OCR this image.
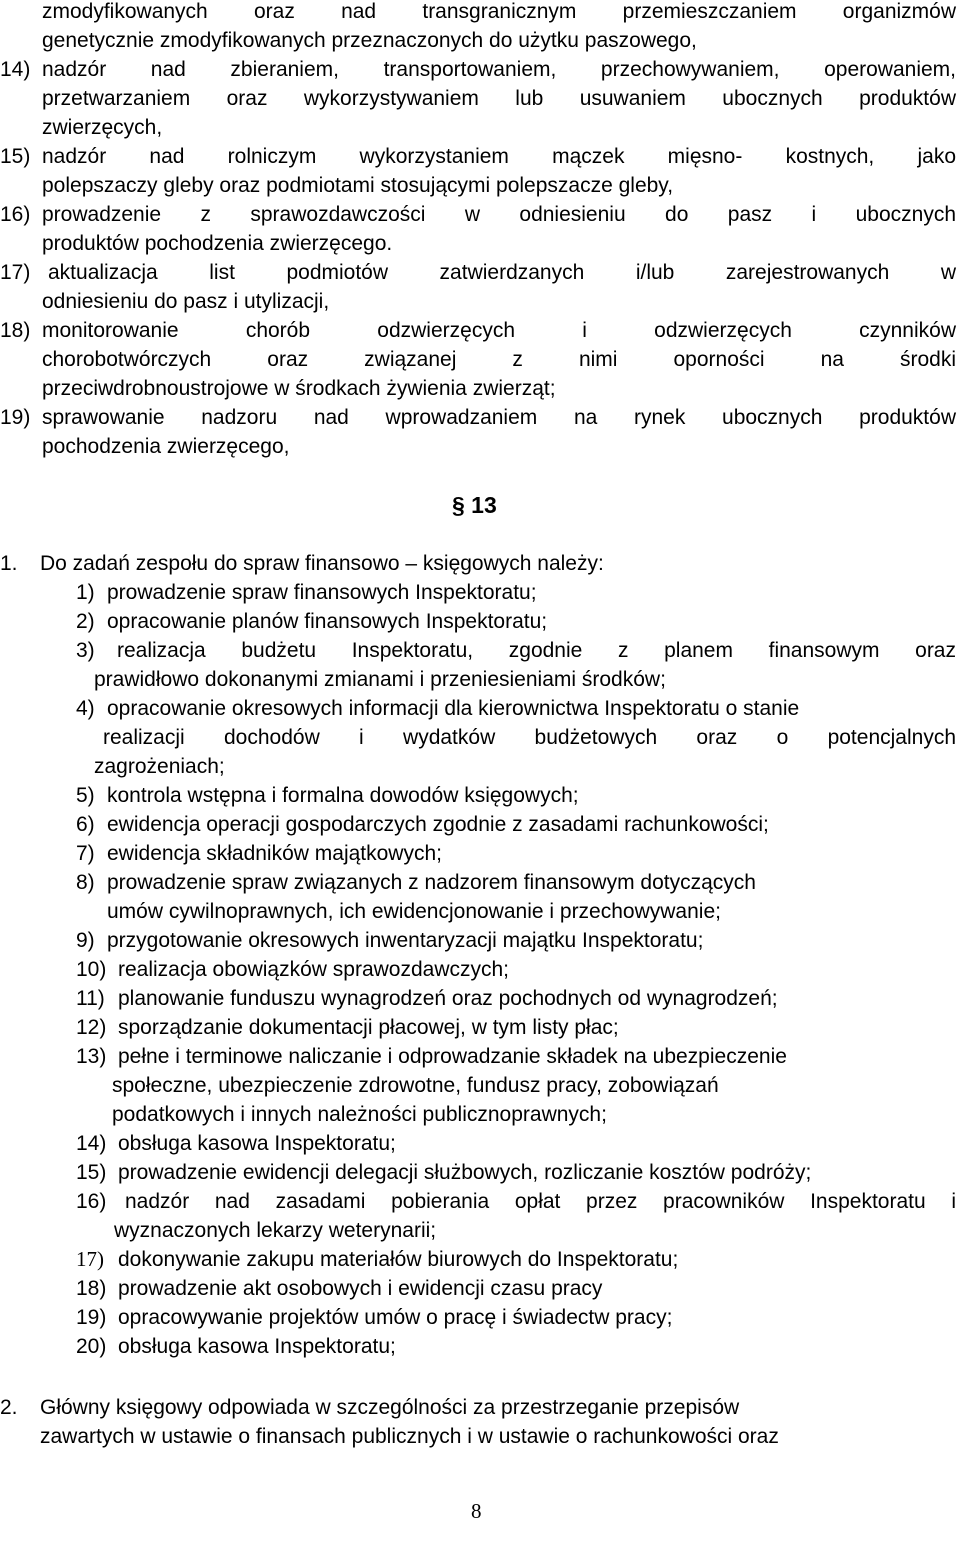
zmodyfikowanych oraz nad transgranicznym przemieszczaniem organizmów
genetycznie zmodyfikowanych przeznaczonych do użytku paszowego,
14) nadzór nad zbieraniem, transportowaniem, przechowywaniem, operowaniem,
przetwarzaniem oraz wykorzystywaniem lub usuwaniem ubocznych produktów
zwierzęcych,
15) nadzór nad rolniczym wykorzystaniem mączek mięsno- kostnych, jako
polepszaczy gleby oraz podmiotami stosującymi polepszacze gleby,
16) prowadzenie z sprawozdawczości w odniesieniu do pasz i ubocznych
produktów pochodzenia zwierzęcego.
17) aktualizacja list podmiotów zatwierdzanych i/lub zarejestrowanych w
odniesieniu do pasz i utylizacji,
18) monitorowanie chorób odzwierzęcych i odzwierzęcych czynników
chorobotwórczych oraz związanej z nimi oporności na środki
przeciwdrobnoustrojowe w środkach żywienia zwierząt;
19) sprawowanie nadzoru nad wprowadzaniem na rynek ubocznych produktów
pochodzenia zwierzęcego,
§ 13
1. Do zadań zespołu do spraw finansowo – księgowych należy:
1) prowadzenie spraw finansowych Inspektoratu;
2) opracowanie planów finansowych Inspektoratu;
3) realizacja budżetu Inspektoratu, zgodnie z planem finansowym oraz
prawidłowo dokonanymi zmianami i przeniesieniami środków;
4) opracowanie okresowych informacji dla kierownictwa Inspektoratu o stanie
realizacji dochodów i wydatków budżetowych oraz o potencjalnych
zagrożeniach;
5) kontrola wstępna i formalna dowodów księgowych;
6) ewidencja operacji gospodarczych zgodnie z zasadami rachunkowości;
7) ewidencja składników majątkowych;
8) prowadzenie spraw związanych z nadzorem finansowym dotyczących
umów cywilnoprawnych, ich ewidencjonowanie i przechowywanie;
9) przygotowanie okresowych inwentaryzacji majątku Inspektoratu;
10) realizacja obowiązków sprawozdawczych;
11) planowanie funduszu wynagrodzeń oraz pochodnych od wynagrodzeń;
12) sporządzanie dokumentacji płacowej, w tym listy płac;
13) pełne i terminowe naliczanie i odprowadzanie składek na ubezpieczenie
społeczne, ubezpieczenie zdrowotne, fundusz pracy, zobowiązań
podatkowych i innych należności publicznoprawnych;
14) obsługa kasowa Inspektoratu;
15) prowadzenie ewidencji delegacji służbowych, rozliczanie kosztów podróży;
16) nadzór nad zasadami pobierania opłat przez pracowników Inspektoratu i
wyznaczonych lekarzy weterynarii;
17) dokonywanie zakupu materiałów biurowych do Inspektoratu;
18) prowadzenie akt osobowych i ewidencji czasu pracy
19) opracowywanie projektów umów o pracę i świadectw pracy;
20) obsługa kasowa Inspektoratu;
2. Główny księgowy odpowiada w szczególności za przestrzeganie przepisów
zawartych w ustawie o finansach publicznych i w ustawie o rachunkowości oraz
8
